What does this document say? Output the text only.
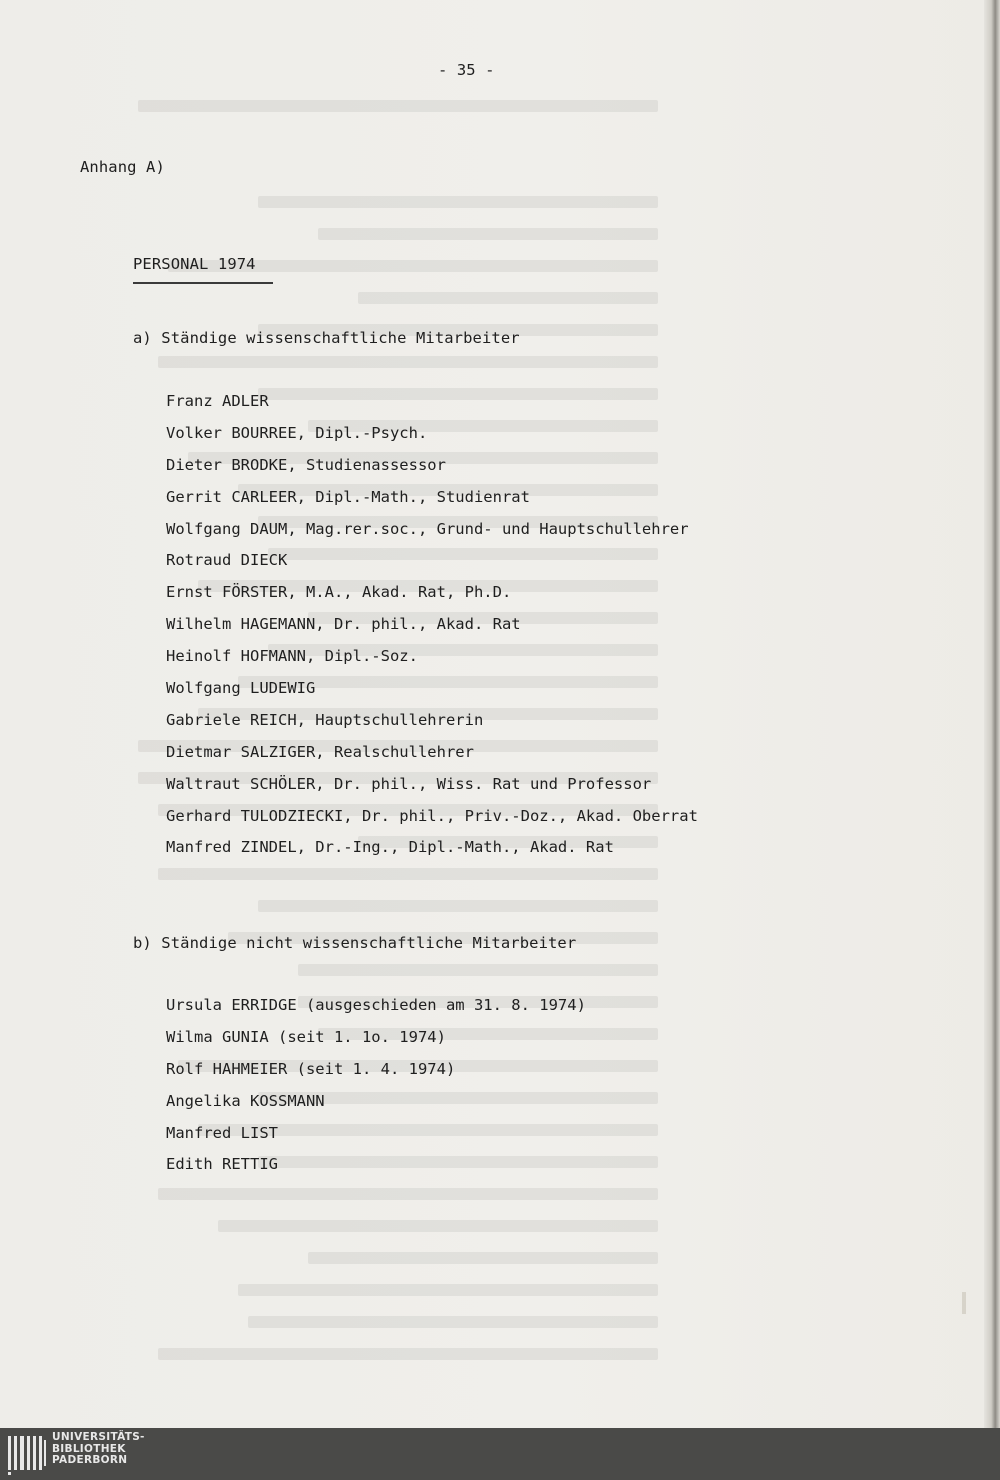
- 35 -
Anhang A)
PERSONAL 1974
a) Ständige wissenschaftliche Mitarbeiter
Franz ADLER
Volker BOURREE, Dipl.-Psych.
Dieter BRODKE, Studienassessor
Gerrit CARLEER, Dipl.-Math., Studienrat
Wolfgang DAUM, Mag.rer.soc., Grund- und Hauptschullehrer
Rotraud DIECK
Ernst FÖRSTER, M.A., Akad. Rat, Ph.D.
Wilhelm HAGEMANN, Dr. phil., Akad. Rat
Heinolf HOFMANN, Dipl.-Soz.
Wolfgang LUDEWIG
Gabriele REICH, Hauptschullehrerin
Dietmar SALZIGER, Realschullehrer
Waltraut SCHÖLER, Dr. phil., Wiss. Rat und Professor
Gerhard TULODZIECKI, Dr. phil., Priv.-Doz., Akad. Oberrat
Manfred ZINDEL, Dr.-Ing., Dipl.-Math., Akad. Rat
b) Ständige nicht wissenschaftliche Mitarbeiter
Ursula ERRIDGE (ausgeschieden am 31. 8. 1974)
Wilma GUNIA (seit 1. 1o. 1974)
Rolf HAHMEIER (seit 1. 4. 1974)
Angelika KOSSMANN
Manfred LIST
Edith RETTIG
UNIVERSITÄTS-
BIBLIOTHEK
PADERBORN
